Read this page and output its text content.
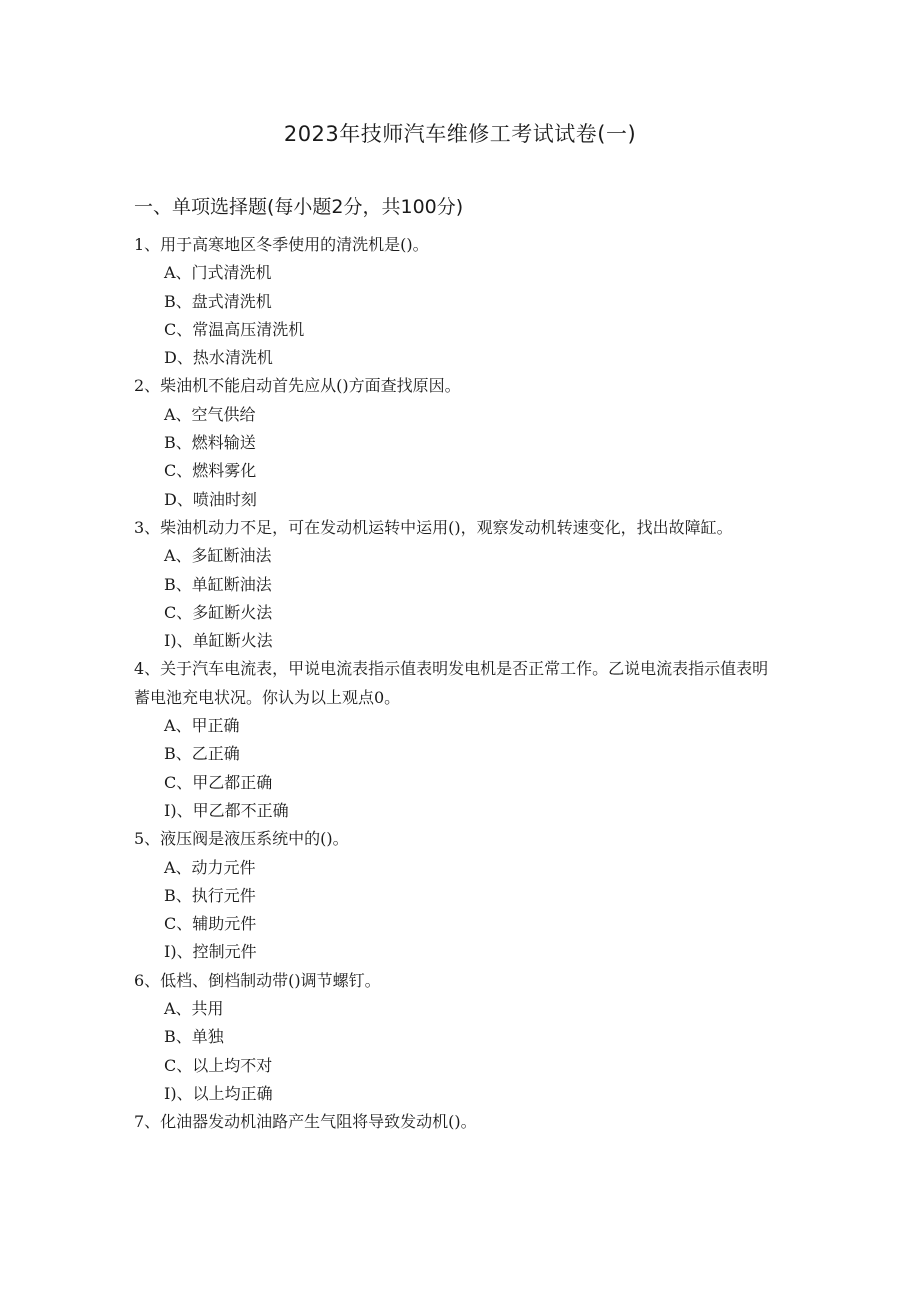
2023年技师汽车维修工考试试卷(一)
一、单项选择题(每小题2分，共100分)
1、用于高寒地区冬季使用的清洗机是()。
A、门式清洗机
B、盘式清洗机
C、常温高压清洗机
D、热水清洗机
2、柴油机不能启动首先应从()方面查找原因。
A、空气供给
B、燃料输送
C、燃料雾化
D、喷油时刻
3、柴油机动力不足，可在发动机运转中运用()，观察发动机转速变化，找出故障缸。
A、多缸断油法
B、单缸断油法
C、多缸断火法
I)、单缸断火法
4、关于汽车电流表，甲说电流表指示值表明发电机是否正常工作。乙说电流表指示值表明蓄电池充电状况。你认为以上观点0。
A、甲正确
B、乙正确
C、甲乙都正确
I)、甲乙都不正确
5、液压阀是液压系统中的()。
A、动力元件
B、执行元件
C、辅助元件
I)、控制元件
6、低档、倒档制动带()调节螺钉。
A、共用
B、单独
C、以上均不对
I)、以上均正确
7、化油器发动机油路产生气阻将导致发动机()。
